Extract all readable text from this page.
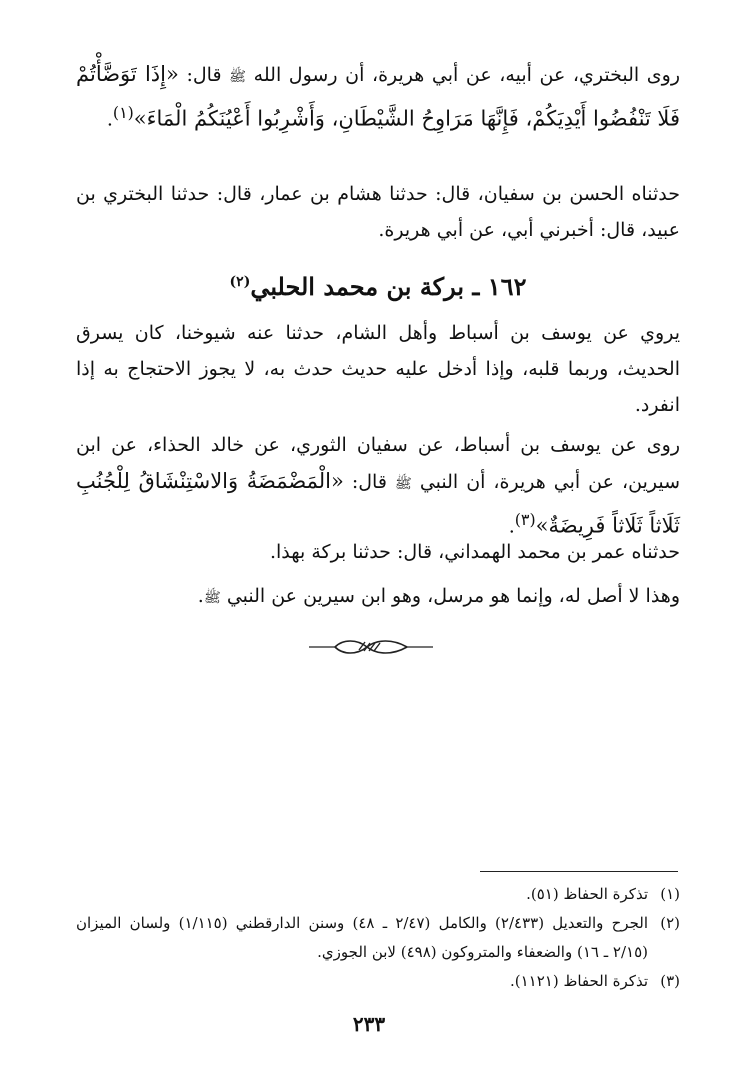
روى البختري، عن أبيه، عن أبي هريرة، أن رسول الله ﷺ قال: «إِذَا تَوَضَّأْتُمْ فَلَا تَنْفُضُوا أَيْدِيَكُمْ، فَإِنَّهَا مَرَاوِحُ الشَّيْطَانِ، وَأَشْرِبُوا أَعْيُنَكُمُ الْمَاءَ»$^{(١)}$.

حدثناه الحسن بن سفيان، قال: حدثنا هشام بن عمار، قال: حدثنا البختري بن عبيد، قال: أخبرني أبي، عن أبي هريرة.

١٦٢ ـ بركة بن محمد الحلبي$^{(٢)}$

يروي عن يوسف بن أسباط وأهل الشام، حدثنا عنه شيوخنا، كان يسرق الحديث، وربما قلبه، وإذا أدخل عليه حديث حدث به، لا يجوز الاحتجاج به إذا انفرد.

روى عن يوسف بن أسباط، عن سفيان الثوري، عن خالد الحذاء، عن ابن سيرين، عن أبي هريرة، أن النبي ﷺ قال: «الْمَضْمَضَةُ وَالاسْتِنْشَاقُ لِلْجُنُبِ ثَلَاثاً ثَلَاثاً فَرِيضَةٌ»$^{(٣)}$.

حدثناه عمر بن محمد الهمداني، قال: حدثنا بركة بهذا.

وهذا لا أصل له، وإنما هو مرسل، وهو ابن سيرين عن النبي ﷺ.

(١)
تذكرة الحفاظ (٥١).
(٢)
الجرح والتعديل (٢/٤٣٣) والكامل (٢/٤٧ ـ ٤٨) وسنن الدارقطني (١/١١٥) ولسان الميزان (٢/١٥ ـ ١٦) والضعفاء والمتروكون (٤٩٨) لابن الجوزي.
(٣)
تذكرة الحفاظ (١١٢١).
٢٣٣
